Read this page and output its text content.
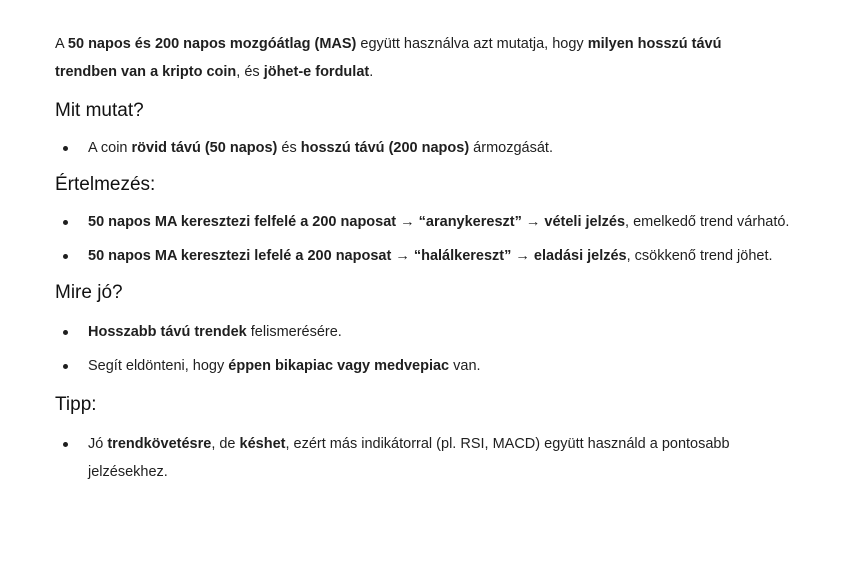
A 50 napos és 200 napos mozgóátlag (MAS) együtt használva azt mutatja, hogy milyen hosszú távú trendben van a kripto coin, és jöhet-e fordulat.

Mit mutat?
A coin rövid távú (50 napos) és hosszú távú (200 napos) ármozgását.
Értelmezés:
50 napos MA keresztezi felfelé a 200 naposat → “aranykereszt” → vételi jelzés, emelkedő trend várható.
50 napos MA keresztezi lefelé a 200 naposat → “halálkereszt” → eladási jelzés, csökkenő trend jöhet.
Mire jó?
Hosszabb távú trendek felismerésére.
Segít eldönteni, hogy éppen bikapiac vagy medvepiac van.
Tipp:
Jó trendkövetésre, de késhet, ezért más indikátorral (pl. RSI, MACD) együtt használd a pontosabb jelzésekhez.
